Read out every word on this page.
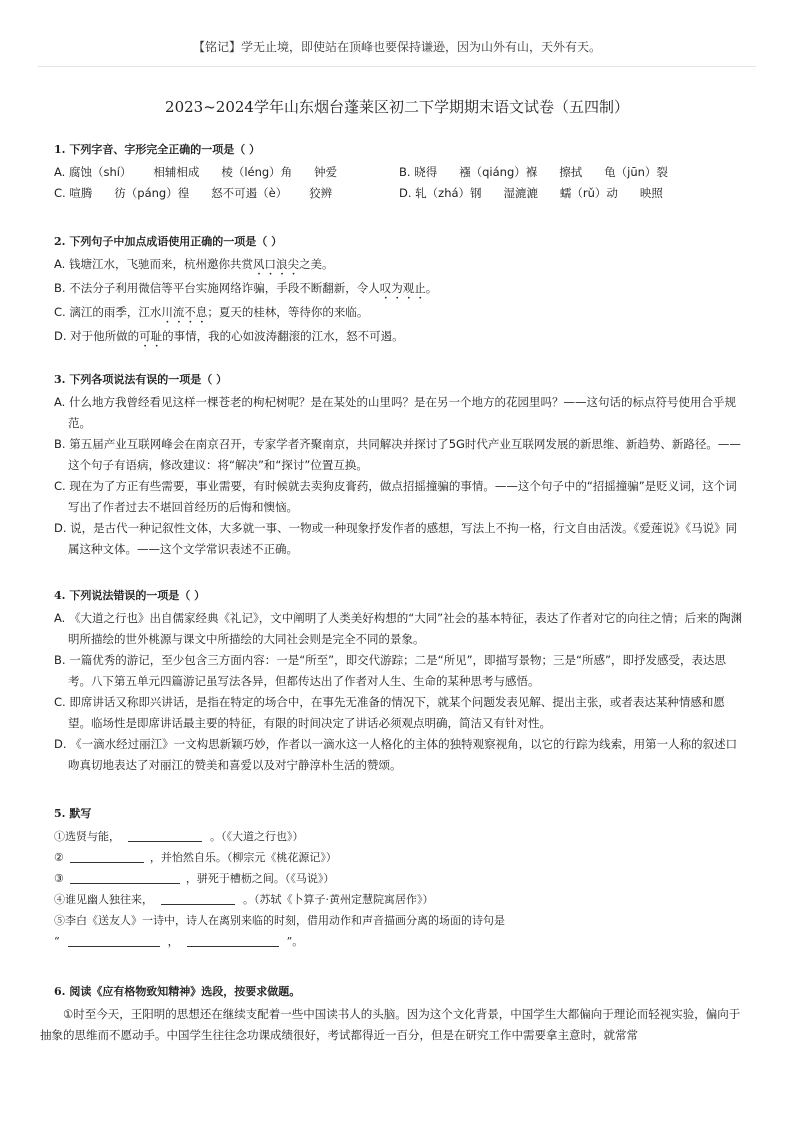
【铭记】学无止境，即使站在顶峰也要保持谦逊，因为山外有山，天外有天。
2023~2024学年山东烟台蓬莱区初二下学期期末语文试卷（五四制）
1. 下列字音、字形完全正确的一项是（ ）
A. 腐蚀（shí）      相辅相成      棱（léng）角      钟爱	B. 晓得      襁（qiáng）褓      擦拭      龟（jūn）裂
C. 喧腾      彷（páng）徨      怒不可遏（è）      狡辨	D. 轧（zhá）钢      湿漉漉      蠕（rǔ）动      映照
2. 下列句子中加点成语使用正确的一项是（ ）
A. 钱塘江水，飞驰而来，杭州邀你共赏风口浪尖之美。
B. 不法分子利用微信等平台实施网络诈骗，手段不断翻新，令人叹为观止。
C. 漓江的雨季，江水川流不息；夏天的桂林，等待你的来临。
D. 对于他所做的可耻的事情，我的心如波涛翻滚的江水，怒不可遏。
3. 下列各项说法有误的一项是（ ）
A. 什么地方我曾经看见这样一棵苍老的枸杞树呢？是在某处的山里吗？是在另一个地方的花园里吗？——这句话的标点符号使用合乎规范。
B. 第五届产业互联网峰会在南京召开，专家学者齐聚南京，共同解决并探讨了5G时代产业互联网发展的新思维、新趋势、新路径。——这个句子有语病，修改建议：将“解决”和“探讨”位置互换。
C. 现在为了方正有些需要，事业需要，有时候就去卖狗皮膏药，做点招摇撞骗的事情。——这个句子中的“招摇撞骗”是贬义词，这个词写出了作者过去不堪回首经历的后悔和懊恼。
D. 说，是古代一种记叙性文体，大多就一事、一物或一种现象抒发作者的感想，写法上不拘一格，行文自由活泼。《爱莲说》《马说》同属这种文体。——这个文学常识表述不正确。
4. 下列说法错误的一项是（ ）
A. 《大道之行也》出自儒家经典《礼记》，文中阐明了人类美好构想的“大同”社会的基本特征，表达了作者对它的向往之情；后来的陶渊明所描绘的世外桃源与课文中所描绘的大同社会则是完全不同的景象。
B. 一篇优秀的游记，至少包含三方面内容：一是“所至”，即交代游踪；二是“所见”，即描写景物；三是“所感”，即抒发感受，表达思考。八下第五单元四篇游记虽写法各异，但都传达出了作者对人生、生命的某种思考与感悟。
C. 即席讲话又称即兴讲话，是指在特定的场合中，在事先无准备的情况下，就某个问题发表见解、提出主张，或者表达某种情感和愿望。临场性是即席讲话最主要的特征，有限的时间决定了讲话必须观点明确，简洁又有针对性。
D. 《一滴水经过丽江》一文构思新颖巧妙，作者以一滴水这一人格化的主体的独特观察视角，以它的行踪为线索，用第一人称的叙述口吻真切地表达了对丽江的赞美和喜爱以及对宁静淳朴生活的赞颂。
5. 默写
①选贤与能，	。（《大道之行也》）
②	，并怡然自乐。（柳宗元《桃花源记》）
③	，骈死于槽枥之间。（《马说》）
④谁见幽人独往来，	。（苏轼《卜算子·黄州定慧院寓居作》）
⑤李白《送友人》一诗中，诗人在离别来临的时刻，借用动作和声音描画分离的场面的诗句是
“	，	”。
6. 阅读《应有格物致知精神》选段，按要求做题。
①时至今天，王阳明的思想还在继续支配着一些中国读书人的头脑。因为这个文化背景，中国学生大都偏向于理论而轻视实验，偏向于抽象的思维而不愿动手。中国学生往往念功课成绩很好，考试都得近一百分，但是在研究工作中需要拿主意时，就常常
